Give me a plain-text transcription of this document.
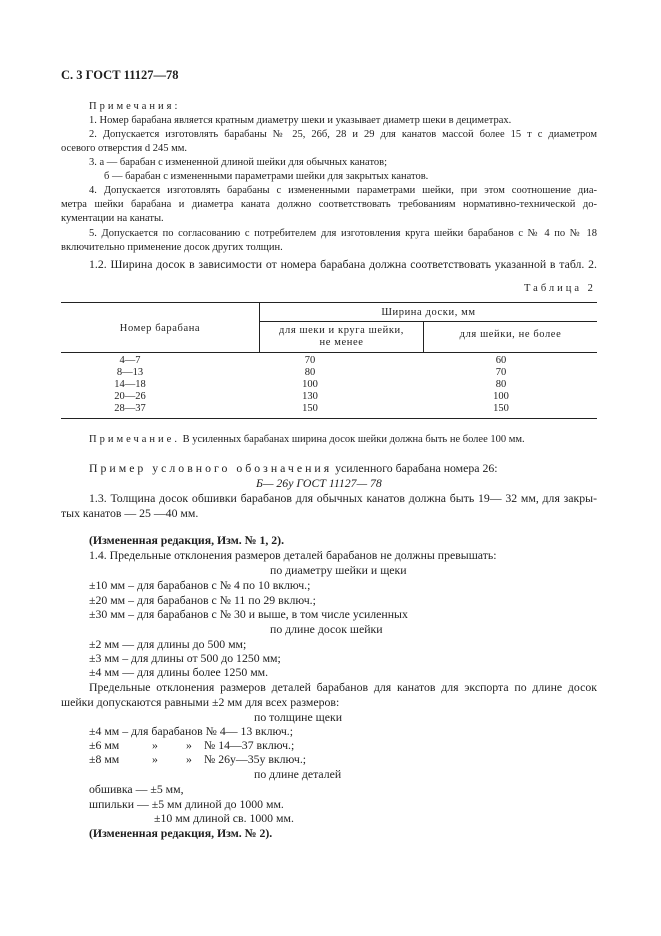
С. 3 ГОСТ 11127—78
Примечания:
1. Номер барабана является кратным диаметру шеки и указывает диаметр шеки в дециметрах.
2. Допускается изготовлять барабаны № 25, 26б, 28 и 29 для канатов массой более 15 т с диаметром
осевого отверстия d 245 мм.
3. а — барабан с измененной длиной шейки для обычных канатов;
б — барабан с измененными параметрами шейки для закрытых канатов.
4. Допускается изготовлять барабаны с измененными параметрами шейки, при этом соотношение диа-
метра шейки барабана и диаметра каната должно соответствовать требованиям нормативно-технической до-
кументации на канаты.
5. Допускается по согласованию с потребителем для изготовления круга шейки барабанов с № 4 по № 18
включительно применение досок других толщин.
1.2. Ширина досок в зависимости от номера барабана должна соответствовать указанной в табл. 2.
Таблица 2
Номер барабана
Ширина доски, мм
для шеки и круга шейки,
не менее
для шейки, не более
4—7	70	60
8—13	80	70
14—18	100	80
20—26	130	100
28—37	150	150
Примечание. В усиленных барабанах ширина досок шейки должна быть не более 100 мм.
Пример условного обозначения усиленного барабана номера 26:
Б— 26у ГОСТ 11127— 78
1.3. Толщина досок обшивки барабанов для обычных канатов должна быть 19— 32 мм, для закры-
тых канатов — 25 —40 мм.
(Измененная редакция, Изм. № 1, 2).
1.4. Предельные отклонения размеров деталей барабанов не должны превышать:
по диаметру шейки и щеки
±10 мм – для барабанов с № 4 по 10 включ.;
±20 мм – для барабанов с № 11 по 29 включ.;
±30 мм – для барабанов с № 30 и выше, в том числе усиленных
по длине досок шейки
±2 мм — для длины до 500 мм;
±3 мм – для длины от 500 до 1250 мм;
±4 мм — для длины более 1250 мм.
Предельные отклонения размеров деталей барабанов для канатов для экспорта по длине досок
шейки допускаются равными ±2 мм для всех размеров:
по толщине щеки
±4 мм – для барабанов № 4— 13 включ.;
±6 мм	» » № 14—37 включ.;
±8 мм	» » № 26у—35у включ.;
по длине деталей
обшивка — ±5 мм,
шпильки — ±5 мм длиной до 1000 мм.
±10 мм длиной св. 1000 мм.
(Измененная редакция, Изм. № 2).
